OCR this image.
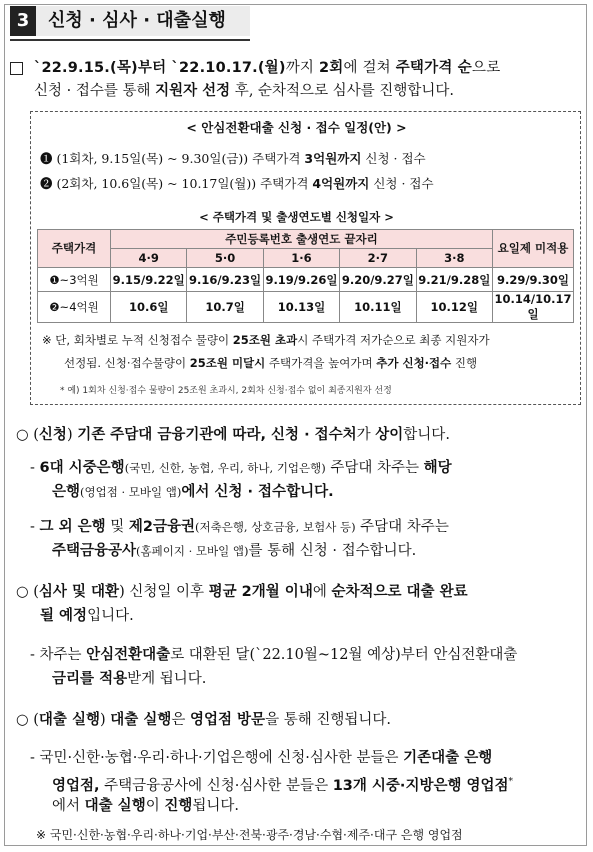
3	신청 · 심사 · 대출실행
`22.9.15.(목)부터 `22.10.17.(월)까지 2회에 걸쳐 주택가격 순으로
신청 · 접수를 통해 지원자 선정 후, 순차적으로 심사를 진행합니다.
< 안심전환대출 신청 · 접수 일정(안) >
❶ (1회차, 9.15일(목) ~ 9.30일(금)) 주택가격 3억원까지 신청 · 접수
❷ (2회차, 10.6일(목) ~ 10.17일(월)) 주택가격 4억원까지 신청 · 접수
< 주택가격 및 출생연도별 신청일자 >
주택가격	주민등록번호 출생연도 끝자리					요일제 미적용
	4·9	5·0	1·6	2·7	3·8	
❶~3억원	9.15/9.22일	9.16/9.23일	9.19/9.26일	9.20/9.27일	9.21/9.28일	9.29/9.30일
❷~4억원	10.6일	10.7일	10.13일	10.11일	10.12일	10.14/10.17일
※ 단, 회차별로 누적 신청접수 물량이 25조원 초과시 주택가격 저가순으로 최종 지원자가
선정됨. 신청·접수물량이 25조원 미달시 주택가격을 높여가며 추가 신청·접수 진행
* 예) 1회차 신청·접수 물량이 25조원 초과시, 2회차 신청·접수 없이 최종지원자 선정
○ (신청) 기존 주담대 금융기관에 따라, 신청 · 접수처가 상이합니다.
- 6대 시중은행(국민, 신한, 농협, 우리, 하나, 기업은행) 주담대 차주는 해당
은행(영업점 · 모바일 앱)에서 신청 · 접수합니다.
- 그 외 은행 및 제2금융권(저축은행, 상호금융, 보험사 등) 주담대 차주는
주택금융공사(홈페이지 · 모바일 앱)를 통해 신청 · 접수합니다.
○ (심사 및 대환) 신청일 이후 평균 2개월 이내에 순차적으로 대출 완료
될 예정입니다.
- 차주는 안심전환대출로 대환된 달(`22.10월~12월 예상)부터 안심전환대출
금리를 적용받게 됩니다.
○ (대출 실행) 대출 실행은 영업점 방문을 통해 진행됩니다.
- 국민·신한·농협·우리·하나·기업은행에 신청·심사한 분들은 기존대출 은행
영업점, 주택금융공사에 신청·심사한 분들은 13개 시중·지방은행 영업점*
에서 대출 실행이 진행됩니다.
※ 국민·신한·농협·우리·하나·기업·부산·전북·광주·경남·수협·제주·대구 은행 영업점
